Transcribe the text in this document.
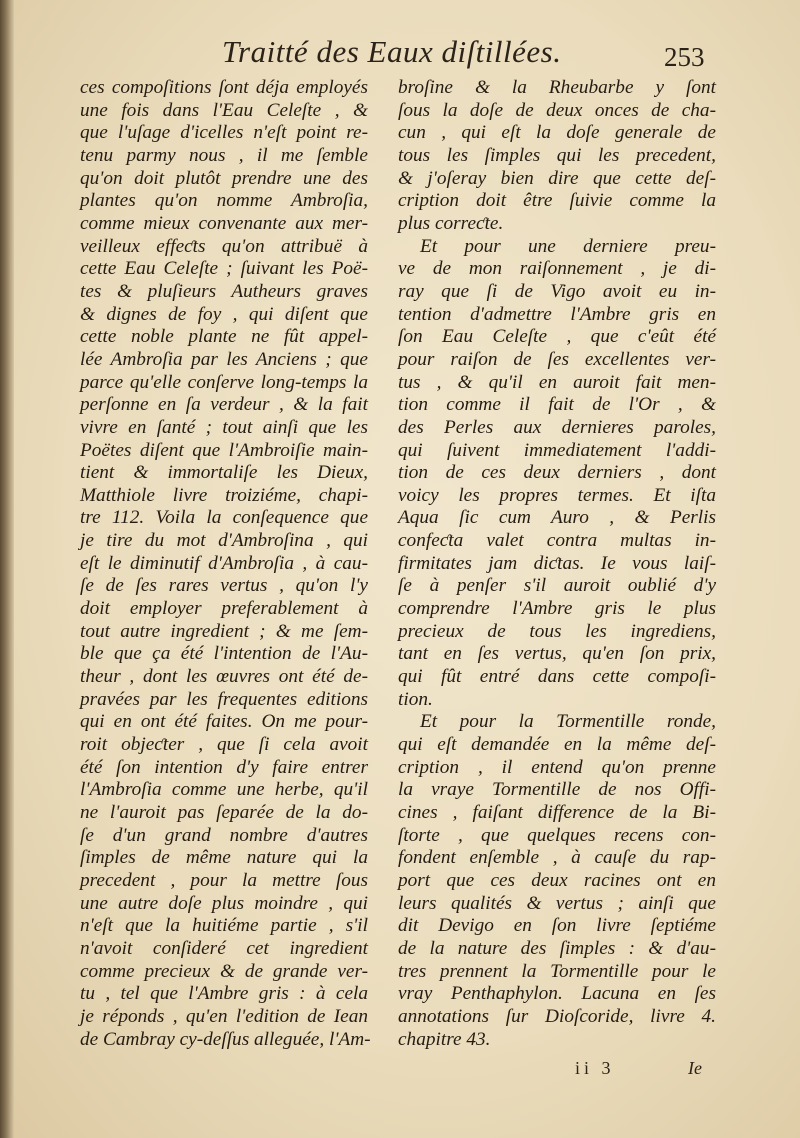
Traitté des Eaux diſtillées.	253
ces compoſitions ſont déja employés
une fois dans l'Eau Celeſte , &
que l'uſage d'icelles n'eſt point re-
tenu parmy nous , il me ſemble
qu'on doit plutôt prendre une des
plantes qu'on nomme Ambroſia,
comme mieux convenante aux mer-
veilleux effeƈts qu'on attribuë à
cette Eau Celeſte ; ſuivant les Poë-
tes & pluſieurs Autheurs graves
& dignes de foy , qui diſent que
cette noble plante ne fût appel-
lée Ambroſia par les Anciens ; que
parce qu'elle conſerve long-temps la
perſonne en ſa verdeur , & la fait
vivre en ſanté ; tout ainſi que les
Poëtes diſent que l'Ambroiſie main-
tient & immortaliſe les Dieux,
Matthiole livre troiziéme, chapi-
tre 112. Voila la conſequence que
je tire du mot d'Ambroſina , qui
eſt le diminutif d'Ambroſia , à cau-
ſe de ſes rares vertus , qu'on l'y
doit employer preferablement à
tout autre ingredient ; & me ſem-
ble que ça été l'intention de l'Au-
theur , dont les œuvres ont été de-
pravées par les frequentes editions
qui en ont été faites. On me pour-
roit objeƈter , que ſi cela avoit
été ſon intention d'y faire entrer
l'Ambroſia comme une herbe, qu'il
ne l'auroit pas ſeparée de la do-
ſe d'un grand nombre d'autres
ſimples de même nature qui la
precedent , pour la mettre ſous
une autre doſe plus moindre , qui
n'eſt que la huitiéme partie , s'il
n'avoit conſideré cet ingredient
comme precieux & de grande ver-
tu , tel que l'Ambre gris : à cela
je réponds , qu'en l'edition de Iean
de Cambray cy-deſſus alleguée, l'Am-
broſine & la Rheubarbe y ſont
ſous la doſe de deux onces de cha-
cun , qui eſt la doſe generale de
tous les ſimples qui les precedent,
& j'oſeray bien dire que cette deſ-
cription doit être ſuivie comme la
plus correƈte.
Et pour une derniere preu-
ve de mon raiſonnement , je di-
ray que ſi de Vigo avoit eu in-
tention d'admettre l'Ambre gris en
ſon Eau Celeſte , que c'eût été
pour raiſon de ſes excellentes ver-
tus , & qu'il en auroit fait men-
tion comme il fait de l'Or , &
des Perles aux dernieres paroles,
qui ſuivent immediatement l'addi-
tion de ces deux derniers , dont
voicy les propres termes. Et iſta
Aqua ſic cum Auro , & Perlis
confeƈta valet contra multas in-
firmitates jam diƈtas. Ie vous laiſ-
ſe à penſer s'il auroit oublié d'y
comprendre l'Ambre gris le plus
precieux de tous les ingrediens,
tant en ſes vertus, qu'en ſon prix,
qui fût entré dans cette compoſi-
tion.
Et pour la Tormentille ronde,
qui eſt demandée en la même deſ-
cription , il entend qu'on prenne
la vraye Tormentille de nos Offi-
cines , faiſant difference de la Bi-
ſtorte , que quelques recens con-
fondent enſemble , à cauſe du rap-
port que ces deux racines ont en
leurs qualités & vertus ; ainſi que
dit Devigo en ſon livre ſeptiéme
de la nature des ſimples : & d'au-
tres prennent la Tormentille pour le
vray Penthaphylon. Lacuna en ſes
annotations ſur Dioſcoride, livre 4.
chapitre 43.
ii 3	Ie
